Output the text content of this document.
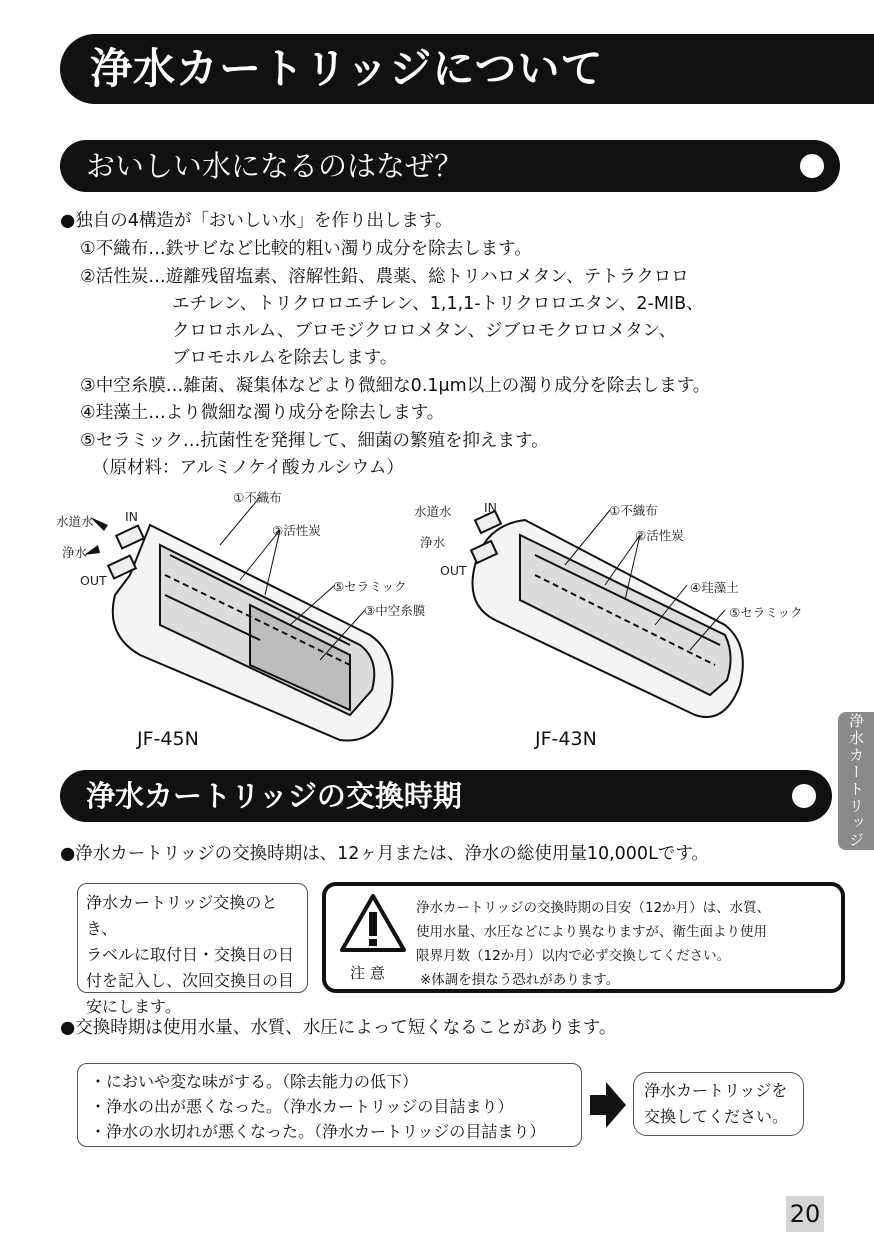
浄水カートリッジについて
おいしい水になるのはなぜ？
●独自の4構造が「おいしい水」を作り出します。
①不織布…鉄サビなど比較的粗い濁り成分を除去します。
②活性炭…遊離残留塩素、溶解性鉛、農薬、総トリハロメタン、テトラクロロ
エチレン、トリクロロエチレン、1,1,1-トリクロロエタン、2-MIB、
クロロホルム、ブロモジクロロメタン、ジブロモクロロメタン、
ブロモホルムを除去します。
③中空糸膜…雑菌、凝集体などより微細な0.1μm以上の濁り成分を除去します。
④珪藻土…より微細な濁り成分を除去します。
⑤セラミック…抗菌性を発揮して、細菌の繁殖を抑えます。
（原材料：アルミノケイ酸カルシウム）
①不織布
水道水	IN
②活性炭
浄水
OUT	⑤セラミック
③中空糸膜
JF-45N
①不織布
水道水	IN
②活性炭
浄水
OUT
④珪藻土
⑤セラミック
JF-43N	浄水カートリッジ
浄水カートリッジの交換時期
●浄水カートリッジの交換時期は、12ヶ月または、浄水の総使用量10,000Lです。
浄水カートリッジ交換のとき、
ラベルに取付日・交換日の日
付を記入し、次回交換日の目
安にします。
注意
浄水カートリッジの交換時期の目安（12か月）は、水質、
使用水量、水圧などにより異なりますが、衛生面より使用
限界月数（12か月）以内で必ず交換してください。
※体調を損なう恐れがあります。
●交換時期は使用水量、水質、水圧によって短くなることがあります。
・においや変な味がする。（除去能力の低下）
・浄水の出が悪くなった。（浄水カートリッジの目詰まり）
・浄水の水切れが悪くなった。（浄水カートリッジの目詰まり）
浄水カートリッジを
交換してください。
20
